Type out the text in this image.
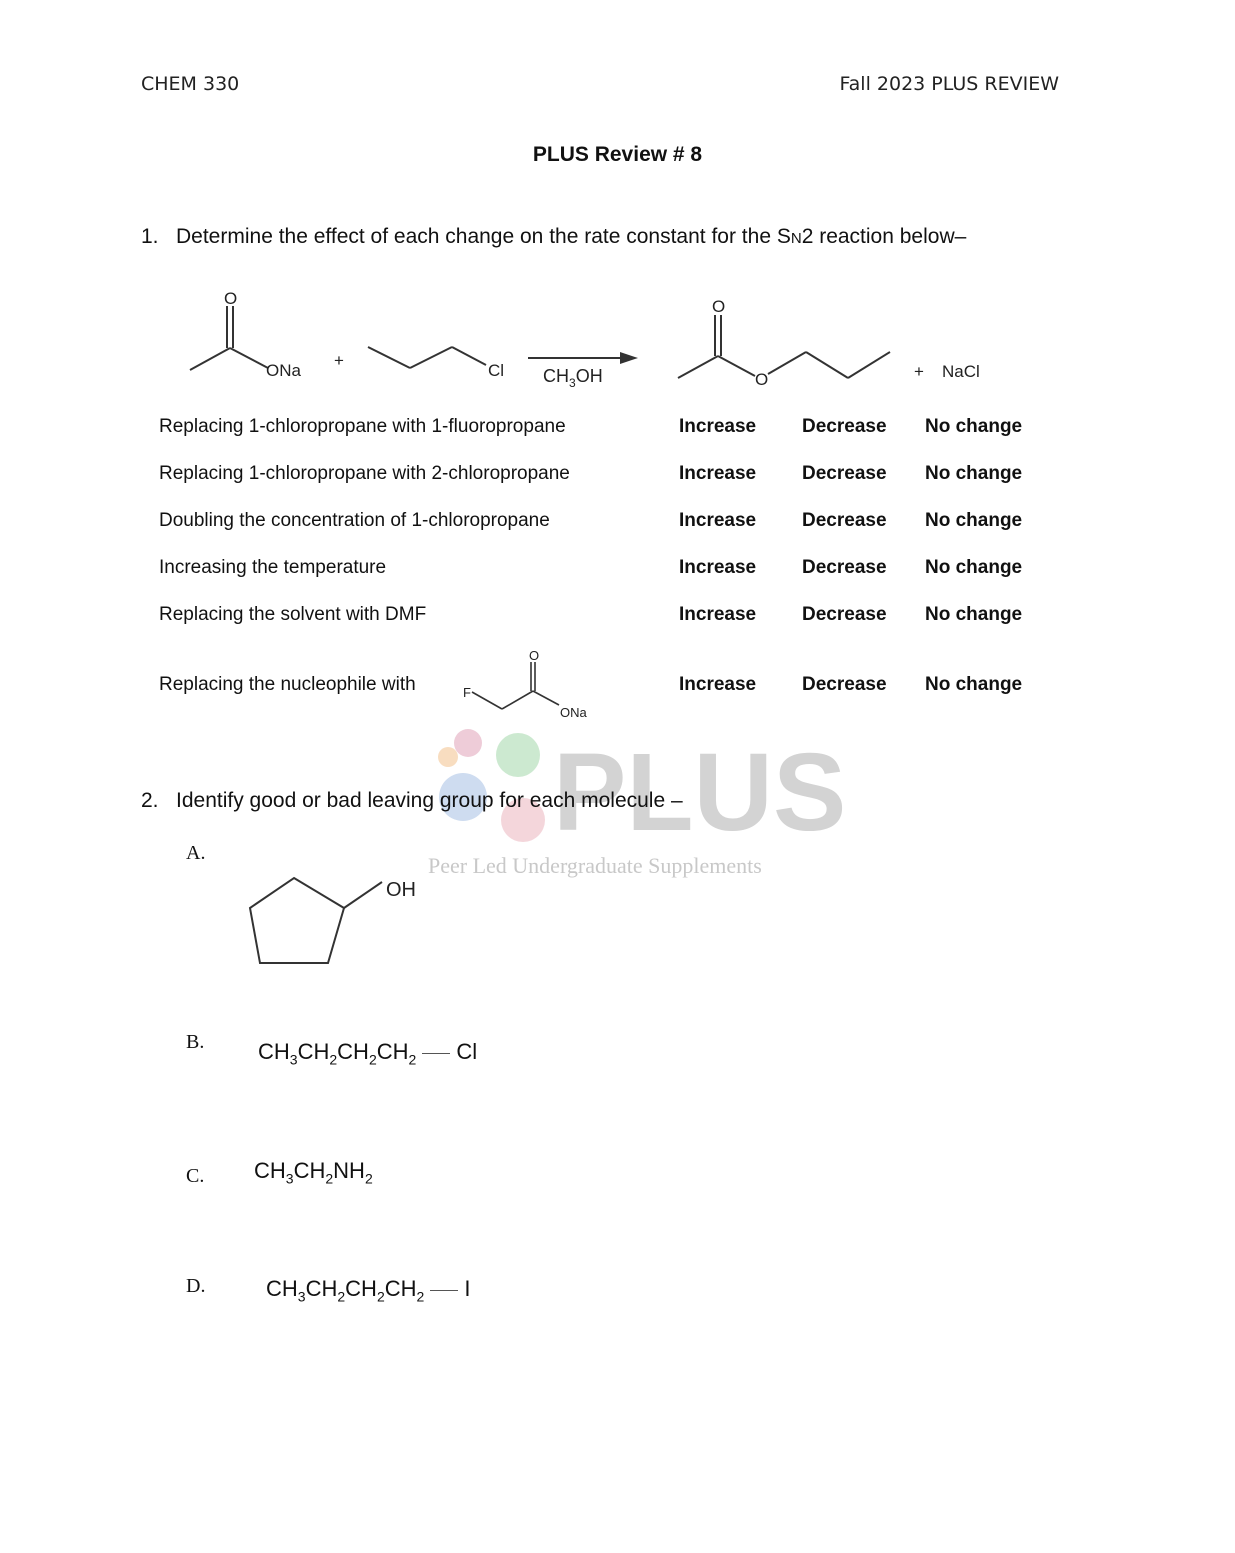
CHEM 330	Fall 2023 PLUS REVIEW
PLUS Review # 8
PLUS
Peer Led Undergraduate Supplements
1. Determine the effect of each change on the rate constant for the SN2 reaction below–
O
ONa
+
Cl $CH_3OH$
O
O	+ NaCl
Replacing 1-chloropropane with 1-fluoropropane	Increase Decrease No change
Replacing 1-chloropropane with 2-chloropropane	Increase Decrease No change
Doubling the concentration of 1-chloropropane	Increase Decrease No change
Increasing the temperature	Increase Decrease No change
Replacing the solvent with DMF	Increase Decrease No change
Replacing the nucleophile with	F
O
ONa
Increase Decrease No change
2. Identify good or bad leaving group for each molecule –
A.
OH
B. $CH_3CH_2CH_2CH_2$ Cl
C. $CH_3CH_2NH_2$
D.	$CH_3CH_2CH_2CH_2$ I
